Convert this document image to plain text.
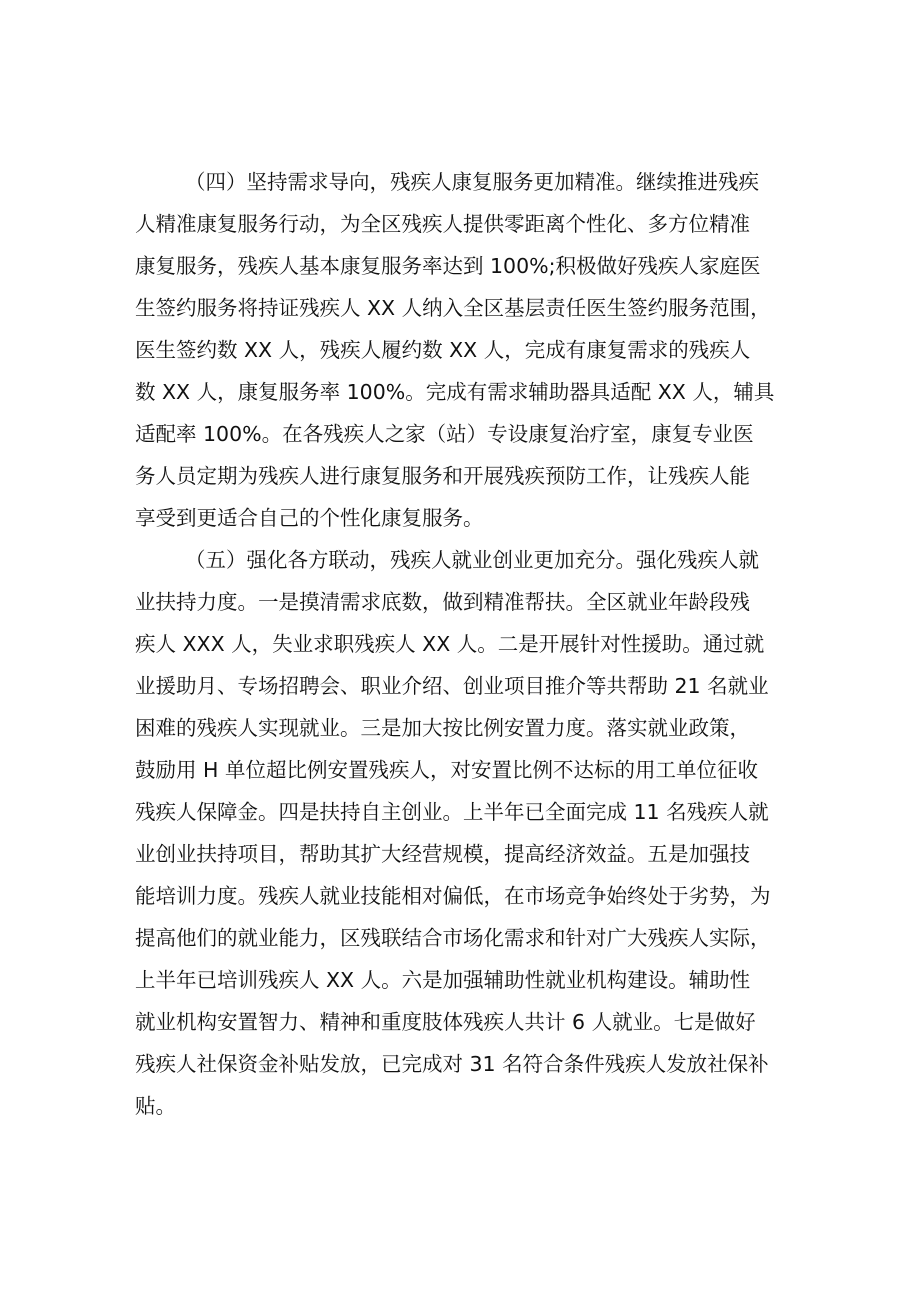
（四）坚持需求导向，残疾人康复服务更加精准。继续推进残疾
人精准康复服务行动，为全区残疾人提供零距离个性化、多方位精准
康复服务，残疾人基本康复服务率达到 100%;积极做好残疾人家庭医
生签约服务将持证残疾人 XX 人纳入全区基层责任医生签约服务范围，
医生签约数 XX 人，残疾人履约数 XX 人，完成有康复需求的残疾人
数 XX 人，康复服务率 100%。完成有需求辅助器具适配 XX 人，辅具
适配率 100%。在各残疾人之家（站）专设康复治疗室，康复专业医
务人员定期为残疾人进行康复服务和开展残疾预防工作，让残疾人能
享受到更适合自己的个性化康复服务。
（五）强化各方联动，残疾人就业创业更加充分。强化残疾人就
业扶持力度。一是摸清需求底数，做到精准帮扶。全区就业年龄段残
疾人 XXX 人，失业求职残疾人 XX 人。二是开展针对性援助。通过就
业援助月、专场招聘会、职业介绍、创业项目推介等共帮助 21 名就业
困难的残疾人实现就业。三是加大按比例安置力度。落实就业政策，
鼓励用 H 单位超比例安置残疾人，对安置比例不达标的用工单位征收
残疾人保障金。四是扶持自主创业。上半年已全面完成 11 名残疾人就
业创业扶持项目，帮助其扩大经营规模，提高经济效益。五是加强技
能培训力度。残疾人就业技能相对偏低，在市场竞争始终处于劣势，为
提高他们的就业能力，区残联结合市场化需求和针对广大残疾人实际，
上半年已培训残疾人 XX 人。六是加强辅助性就业机构建设。辅助性
就业机构安置智力、精神和重度肢体残疾人共计 6 人就业。七是做好
残疾人社保资金补贴发放，已完成对 31 名符合条件残疾人发放社保补
贴。
